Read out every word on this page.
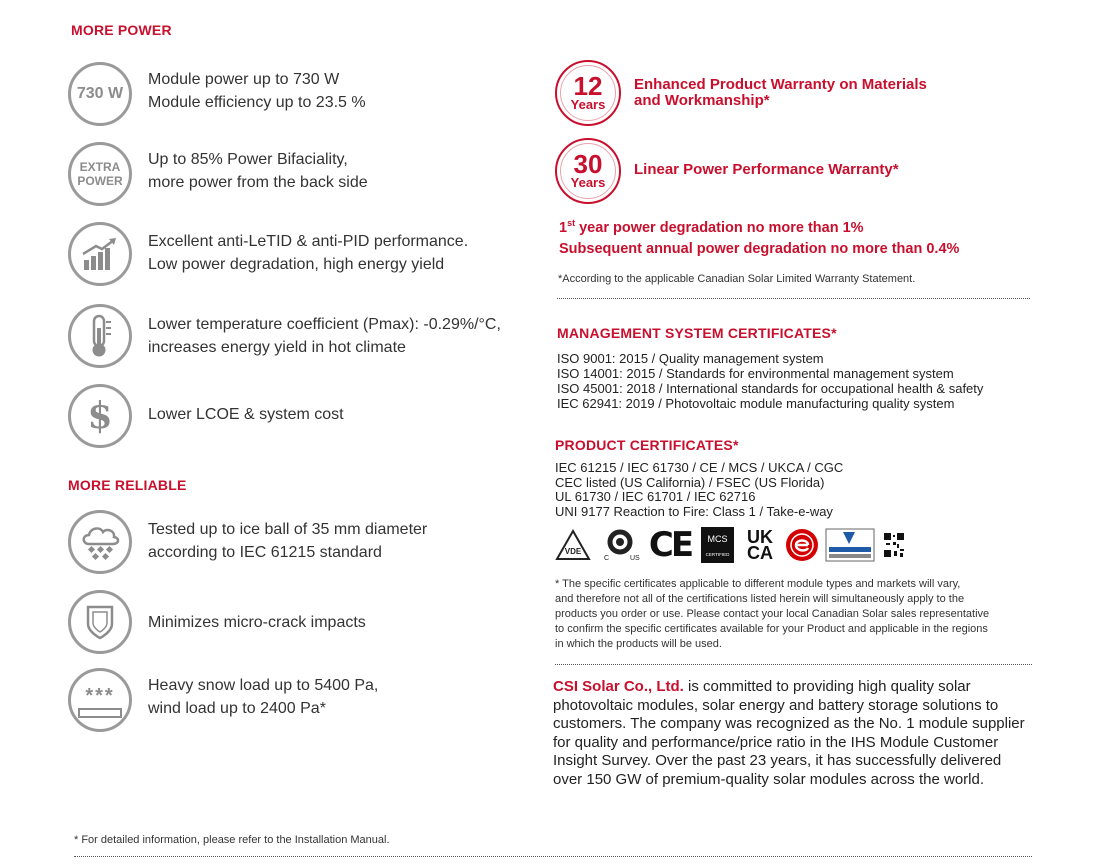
MORE POWER
730 W
Module power up to 730 W
Module efficiency up to 23.5 %
EXTRA
POWER
Up to 85% Power Bifaciality,
more power from the back side
Excellent anti-LeTID & anti-PID performance.
Low power degradation, high energy yield
Lower temperature coefficient (Pmax): -0.29%/°C,
increases energy yield in hot climate
$	Lower LCOE & system cost
MORE RELIABLE
Tested up to ice ball of 35 mm diameter
according to IEC 61215 standard
Minimizes micro-crack impacts
*** Heavy snow load up to 5400 Pa,
wind load up to 2400 Pa*
12
Years
Enhanced Product Warranty on Materials
and Workmanship*
30
Years
Linear Power Performance Warranty*
1st year power degradation no more than 1%
Subsequent annual power degradation no more than 0.4%
*According to the applicable Canadian Solar Limited Warranty Statement.
MANAGEMENT SYSTEM CERTIFICATES*
ISO 9001: 2015 / Quality management system
ISO 14001: 2015 / Standards for environmental management system
ISO 45001: 2018 / International standards for occupational health & safety
IEC 62941: 2019 / Photovoltaic module manufacturing quality system
PRODUCT CERTIFICATES*
IEC 61215 / IEC 61730 / CE / MCS / UKCA / CGC
CEC listed (US California) / FSEC (US Florida)
UL 61730 / IEC 61701 / IEC 62716
UNI 9177 Reaction to Fire: Class 1 / Take-e-way
VDE
C	US CE	MCS
CERTIFIED
UK
CA
* The specific certificates applicable to different module types and markets will vary,
and therefore not all of the certifications listed herein will simultaneously apply to the
products you order or use. Please contact your local Canadian Solar sales representative
to confirm the specific certificates available for your Product and applicable in the regions
in which the products will be used.
CSI Solar Co., Ltd. is committed to providing high quality solar photovoltaic modules, solar energy and battery storage solutions to customers. The company was recognized as the No. 1 module supplier for quality and performance/price ratio in the IHS Module Customer Insight Survey. Over the past 23 years, it has successfully delivered over 150 GW of premium-quality solar modules across the world.
* For detailed information, please refer to the Installation Manual.
